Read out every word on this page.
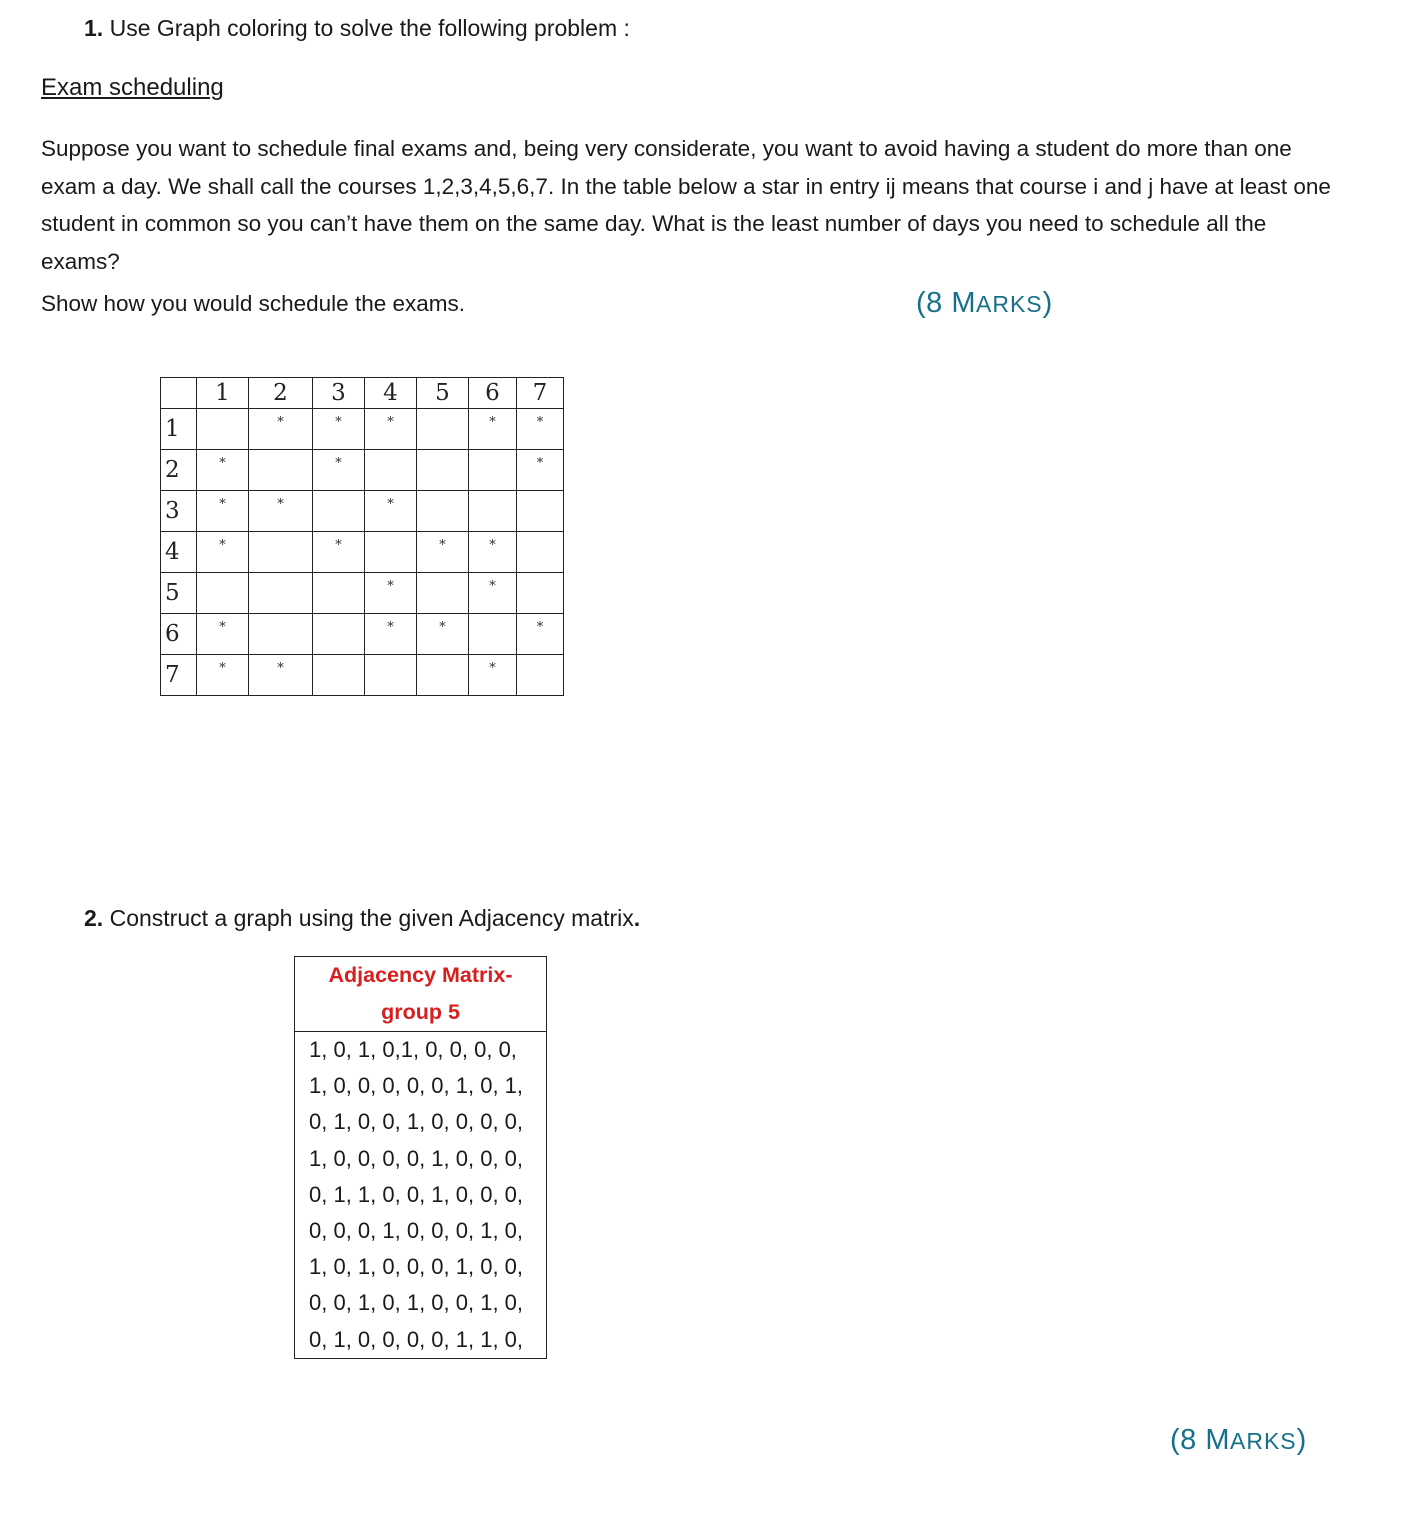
1. Use Graph coloring to solve the following problem :
Exam scheduling
Suppose you want to schedule final exams and, being very considerate, you want to avoid having a student do more than one exam a day. We shall call the courses 1,2,3,4,5,6,7. In the table below a star in entry ij means that course i and j have at least one student in common so you can’t have them on the same day. What is the least number of days you need to schedule all the exams?
Show how you would schedule the exams.	(8 MARKS)
	1	2	3	4	5	6	7
1		*	*	*		*	*
2	*		*				*
3	*	*		*			
4	*		*		*	*	
5				*		*	
6	*			*	*		*
7	*	*				*	
2. Construct a graph using the given Adjacency matrix.
Adjacency Matrix-
group 5

1, 0, 1, 0,1, 0, 0, 0, 0,
1, 0, 0, 0, 0, 0, 1, 0, 1,
0, 1, 0, 0, 1, 0, 0, 0, 0,
1, 0, 0, 0, 0, 1, 0, 0, 0,
0, 1, 1, 0, 0, 1, 0, 0, 0,
0, 0, 0, 1, 0, 0, 0, 1, 0,
1, 0, 1, 0, 0, 0, 1, 0, 0,
0, 0, 1, 0, 1, 0, 0, 1, 0,
0, 1, 0, 0, 0, 0, 1, 1, 0,
(8 MARKS)
